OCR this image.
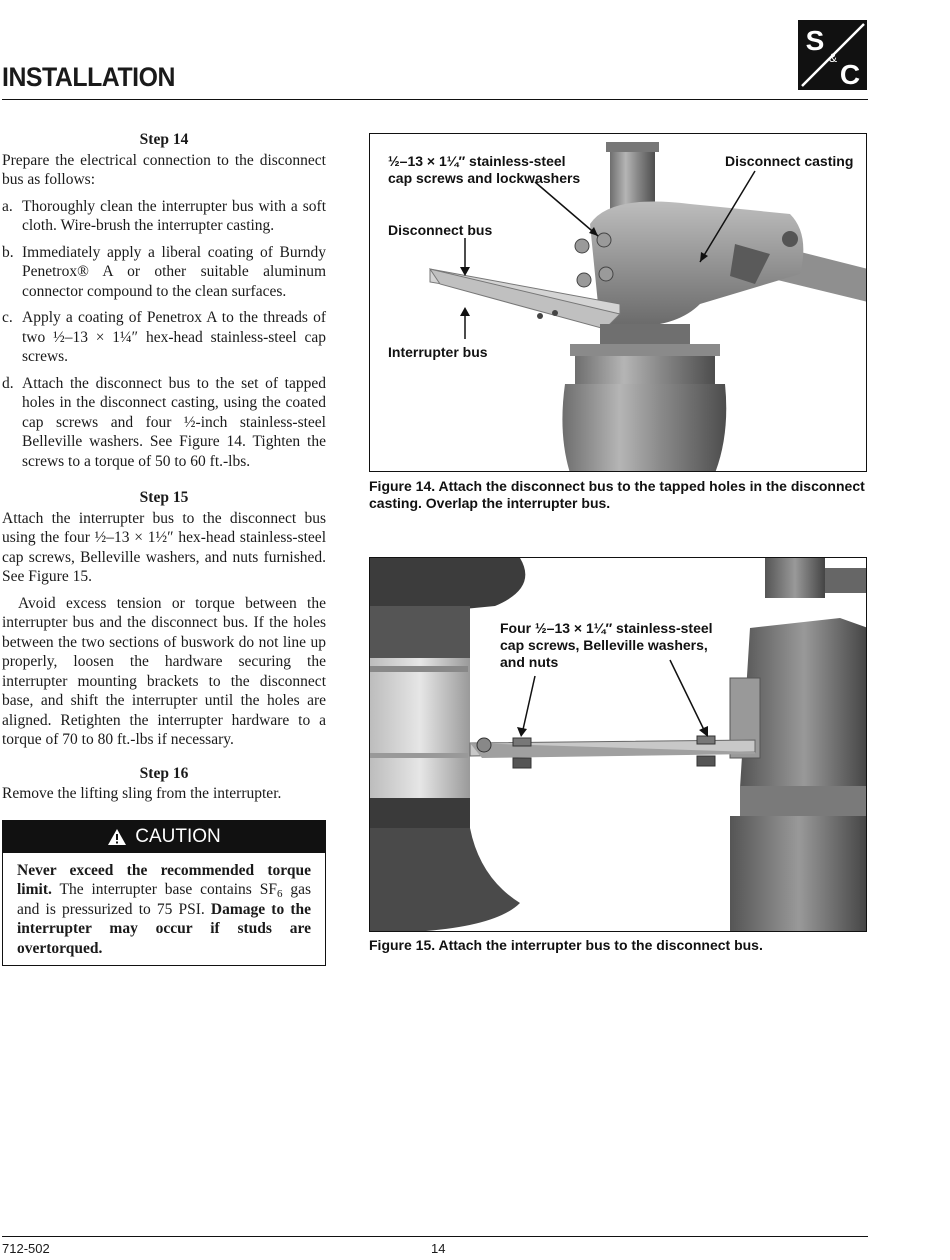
INSTALLATION
S
&
C
Step 14
Prepare the electrical connection to the disconnect bus as follows:
a. Thoroughly clean the interrupter bus with a soft cloth. Wire-brush the interrupter casting.
b. Immediately apply a liberal coating of Burndy Penetrox® A or other suitable aluminum connector compound to the clean surfaces.
c. Apply a coating of Penetrox A to the threads of two ½–13 × 1¼″ hex-head stainless-steel cap screws.
d. Attach the disconnect bus to the set of tapped holes in the disconnect casting, using the coated cap screws and four ½-inch stainless-steel Belleville washers. See Figure 14. Tighten the screws to a torque of 50 to 60 ft.-lbs.
Step 15
Attach the interrupter bus to the disconnect bus using the four ½–13 × 1½″ hex-head stainless-steel cap screws, Belleville washers, and nuts furnished. See Figure 15.
Avoid excess tension or torque between the interrupter bus and the disconnect bus. If the holes between the two sections of buswork do not line up properly, loosen the hardware securing the interrupter mounting brackets to the disconnect base, and shift the interrupter until the holes are aligned. Retighten the interrupter hardware to a torque of 70 to 80 ft.-lbs if necessary.
Step 16
Remove the lifting sling from the interrupter.
CAUTION
Never exceed the recommended torque limit. The interrupter base contains $SF_6$ gas and is pressurized to 75 PSI. Damage to the interrupter may occur if studs are overtorqued.
½–13 × 1¼″ stainless-steel
cap screws and lockwashers
Disconnect casting
Disconnect bus
Interrupter bus
Figure 14. Attach the disconnect bus to the tapped holes in the disconnect
casting. Overlap the interrupter bus.
Four ½–13 × 1¼″ stainless-steel
cap screws, Belleville washers,
and nuts
Figure 15. Attach the interrupter bus to the disconnect bus.
712-502	14
